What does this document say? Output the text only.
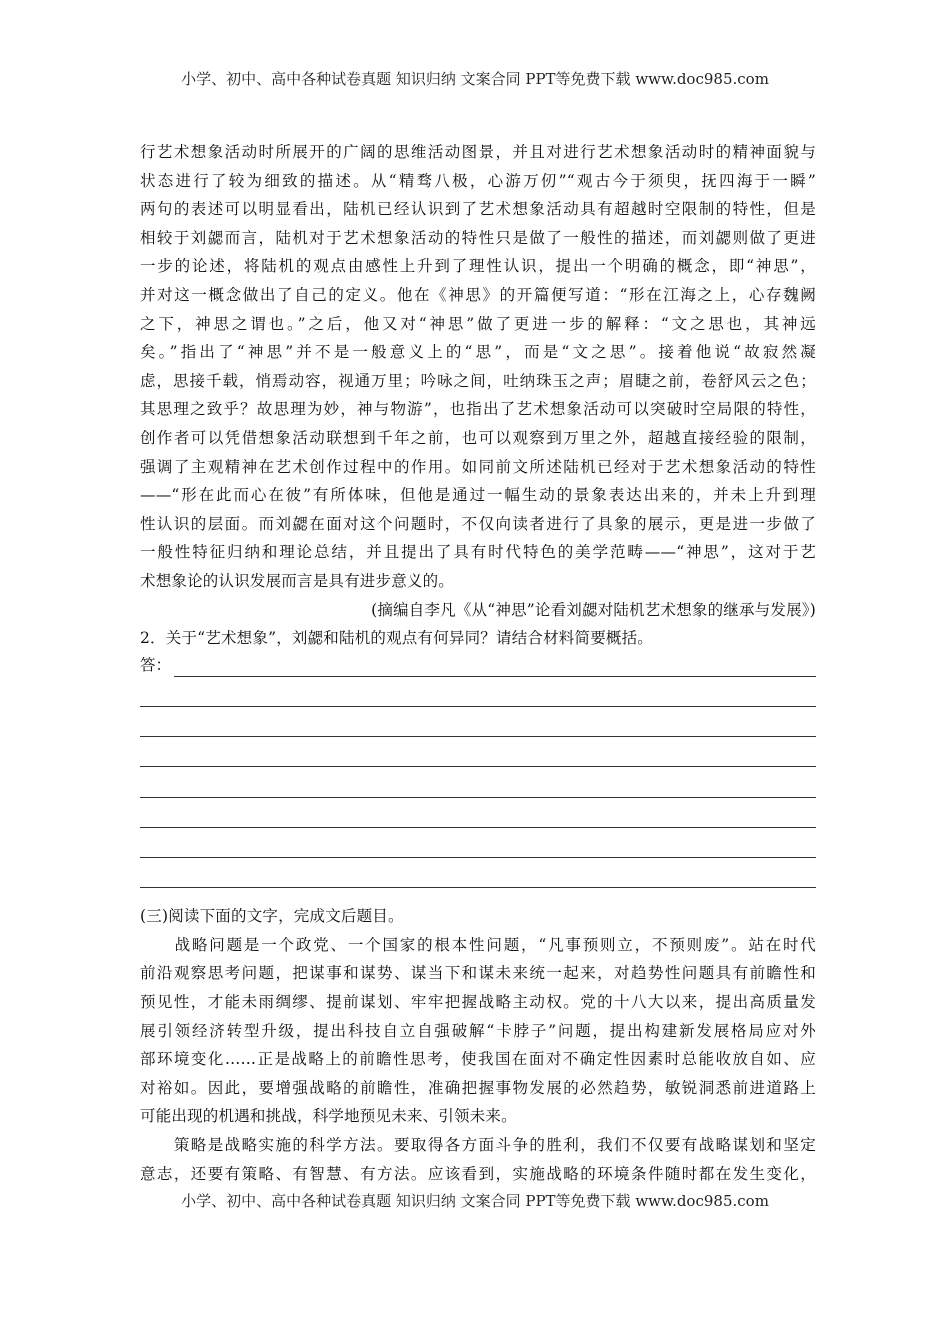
小学、初中、高中各种试卷真题 知识归纳 文案合同 PPT等免费下载 www.doc985.com
行艺术想象活动时所展开的广阔的思维活动图景，并且对进行艺术想象活动时的精神面貌与
状态进行了较为细致的描述。从“精骛八极，心游万仞”“观古今于须臾，抚四海于一瞬”
两句的表述可以明显看出，陆机已经认识到了艺术想象活动具有超越时空限制的特性，但是
相较于刘勰而言，陆机对于艺术想象活动的特性只是做了一般性的描述，而刘勰则做了更进
一步的论述，将陆机的观点由感性上升到了理性认识，提出一个明确的概念，即“神思”，
并对这一概念做出了自己的定义。他在《神思》的开篇便写道：“形在江海之上，心存魏阙
之下，神思之谓也。”之后，他又对“神思”做了更进一步的解释：“文之思也，其神远
矣。”指出了“神思”并不是一般意义上的“思”，而是“文之思”。接着他说“故寂然凝
虑，思接千载，悄焉动容，视通万里；吟咏之间，吐纳珠玉之声；眉睫之前，卷舒风云之色；
其思理之致乎？故思理为妙，神与物游”，也指出了艺术想象活动可以突破时空局限的特性，
创作者可以凭借想象活动联想到千年之前，也可以观察到万里之外，超越直接经验的限制，
强调了主观精神在艺术创作过程中的作用。如同前文所述陆机已经对于艺术想象活动的特性
——“形在此而心在彼”有所体味，但他是通过一幅生动的景象表达出来的，并未上升到理
性认识的层面。而刘勰在面对这个问题时，不仅向读者进行了具象的展示，更是进一步做了
一般性特征归纳和理论总结，并且提出了具有时代特色的美学范畴——“神思”，这对于艺
术想象论的认识发展而言是具有进步意义的。
(摘编自李凡《从“神思”论看刘勰对陆机艺术想象的继承与发展》)
2．关于“艺术想象”，刘勰和陆机的观点有何异同？请结合材料简要概括。
答：
(三)阅读下面的文字，完成文后题目。
　　战略问题是一个政党、一个国家的根本性问题，“凡事预则立，不预则废”。站在时代
前沿观察思考问题，把谋事和谋势、谋当下和谋未来统一起来，对趋势性问题具有前瞻性和
预见性，才能未雨绸缪、提前谋划、牢牢把握战略主动权。党的十八大以来，提出高质量发
展引领经济转型升级，提出科技自立自强破解“卡脖子”问题，提出构建新发展格局应对外
部环境变化……正是战略上的前瞻性思考，使我国在面对不确定性因素时总能收放自如、应
对裕如。因此，要增强战略的前瞻性，准确把握事物发展的必然趋势，敏锐洞悉前进道路上
可能出现的机遇和挑战，科学地预见未来、引领未来。
　　策略是战略实施的科学方法。要取得各方面斗争的胜利，我们不仅要有战略谋划和坚定
意志，还要有策略、有智慧、有方法。应该看到，实施战略的环境条件随时都在发生变化，
小学、初中、高中各种试卷真题 知识归纳 文案合同 PPT等免费下载 www.doc985.com
